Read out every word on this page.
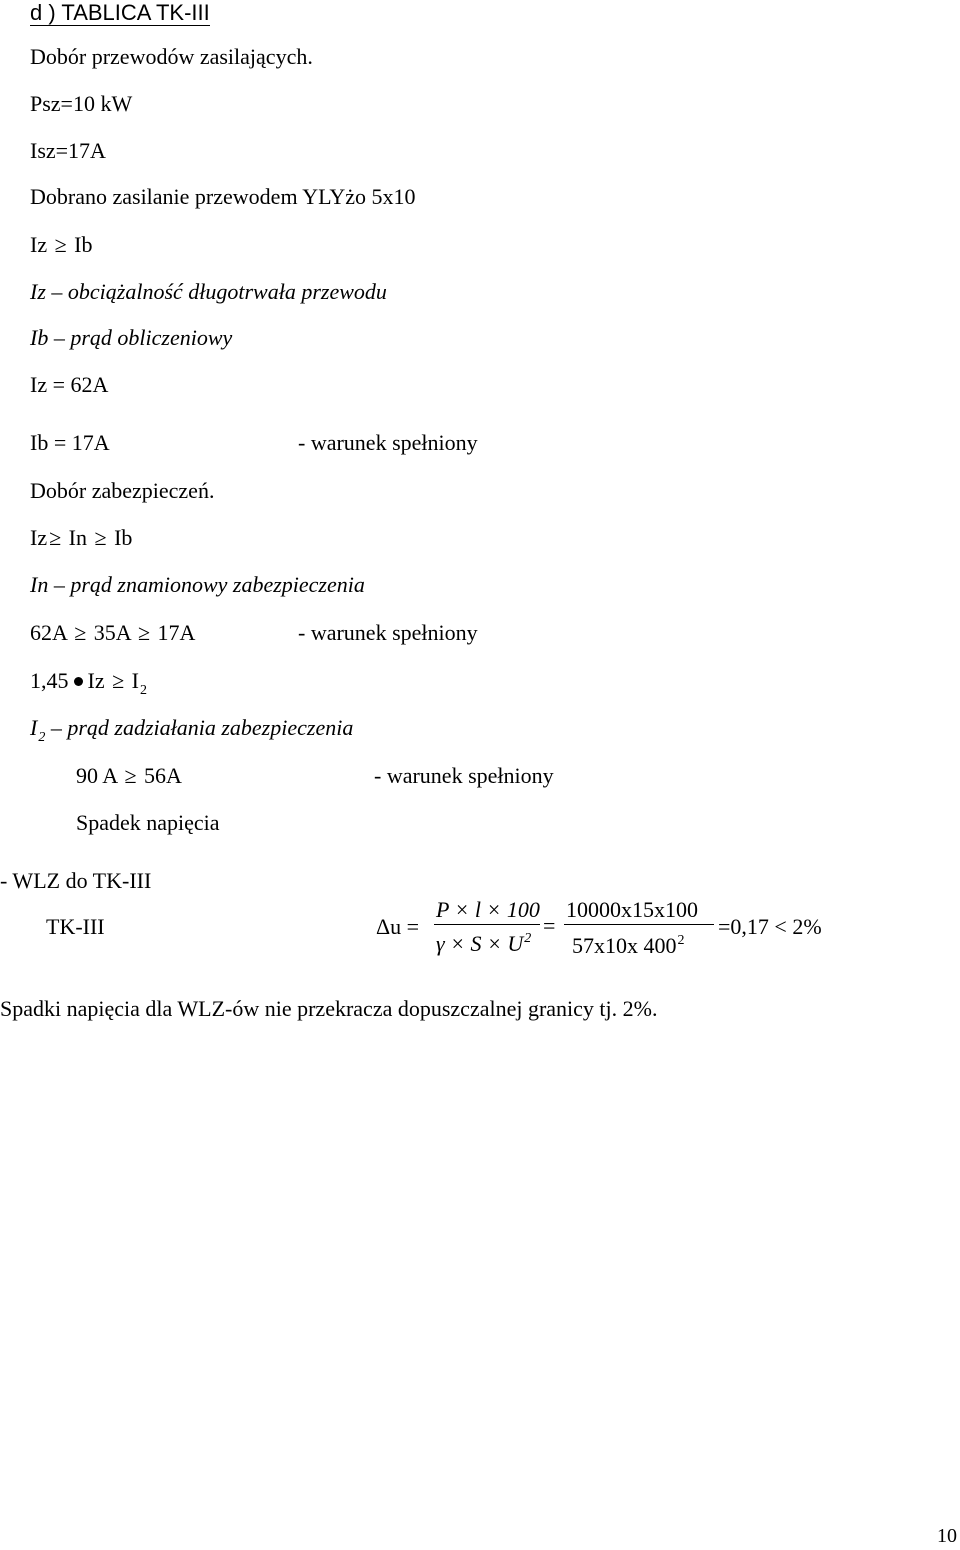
d ) TABLICA TK-III
Dobór przewodów zasilających.
Psz=10 kW
Isz=17A
Dobrano zasilanie przewodem YLYżo 5x10
Iz ≥ Ib
Iz – obciążalność długotrwała przewodu
Ib – prąd obliczeniowy
Iz = 62A
Ib = 17A	- warunek spełniony
Dobór zabezpieczeń.
Iz≥ In ≥ Ib
In – prąd znamionowy zabezpieczenia
62A ≥ 35A ≥ 17A	- warunek spełniony
1,45 $Iz \ge I_2$
$I_2$ – prąd zadziałania zabezpieczenia
90 A ≥ 56A	- warunek spełniony
Spadek napięcia
- WLZ do TK-III
TK-III	Δu =
P × l × 100
$\gamma \times S \times U^2$
=
10000x15x100
57x10x $400^2$
=0,17 < 2%
Spadki napięcia dla WLZ-ów nie przekracza dopuszczalnej granicy tj. 2%.
10
